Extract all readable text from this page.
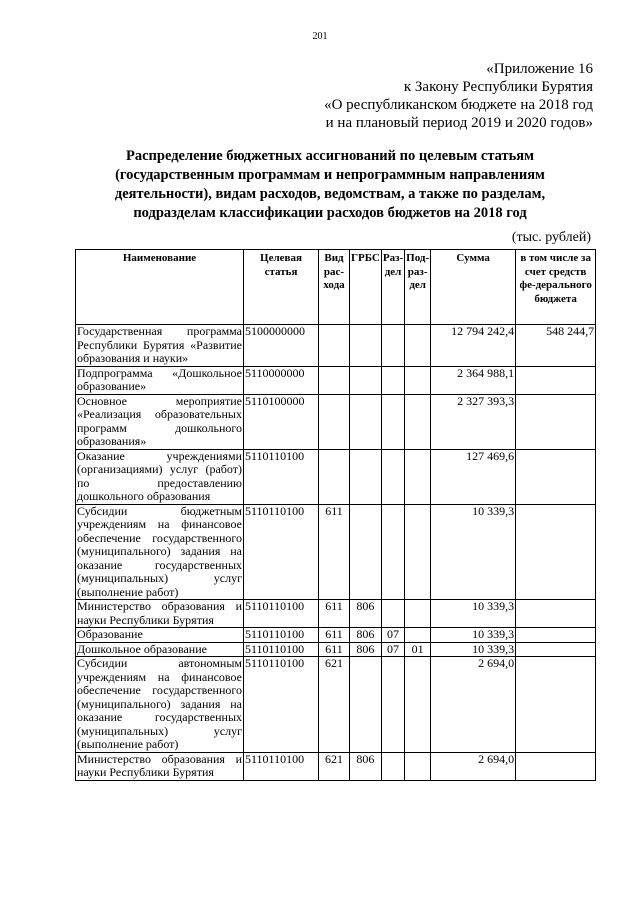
201
«Приложение 16
к Закону Республики Бурятия
«О республиканском бюджете на 2018 год
и на плановый период 2019 и 2020 годов»
Распределение бюджетных ассигнований по целевым статьям
(государственным программам и непрограммным направлениям
деятельности), видам расходов, ведомствам, а также по разделам,
подразделам классификации расходов бюджетов на 2018 год
(тыс. рублей)
Наименование	Целевая статья	Вид рас-хода	ГРБС	Раз-дел	Под-раз-дел	Сумма	в том числе за счет средств фе-дерального бюджета
Государственная программа Республики Бурятия «Развитие образования и науки»	5100000000					12 794 242,4	548 244,7
Подпрограмма «Дошкольное образование»	5110000000					2 364 988,1	
Основное мероприятие «Реализация образовательных программ дошкольного образования»	5110100000					2 327 393,3	
Оказание учреждениями (организациями) услуг (работ) по предоставлению дошкольного образования	5110110100					127 469,6	
Субсидии бюджетным учреждениям на финансовое обеспечение государственного (муниципального) задания на оказание государственных (муниципальных) услуг (выполнение работ)	5110110100	611				10 339,3	
Министерство образования и науки Республики Бурятия	5110110100	611	806			10 339,3	
Образование	5110110100	611	806	07		10 339,3	
Дошкольное образование	5110110100	611	806	07	01	10 339,3	
Субсидии автономным учреждениям на финансовое обеспечение государственного (муниципального) задания на оказание государственных (муниципальных) услуг (выполнение работ)	5110110100	621				2 694,0	
Министерство образования и науки Республики Бурятия	5110110100	621	806			2 694,0	
